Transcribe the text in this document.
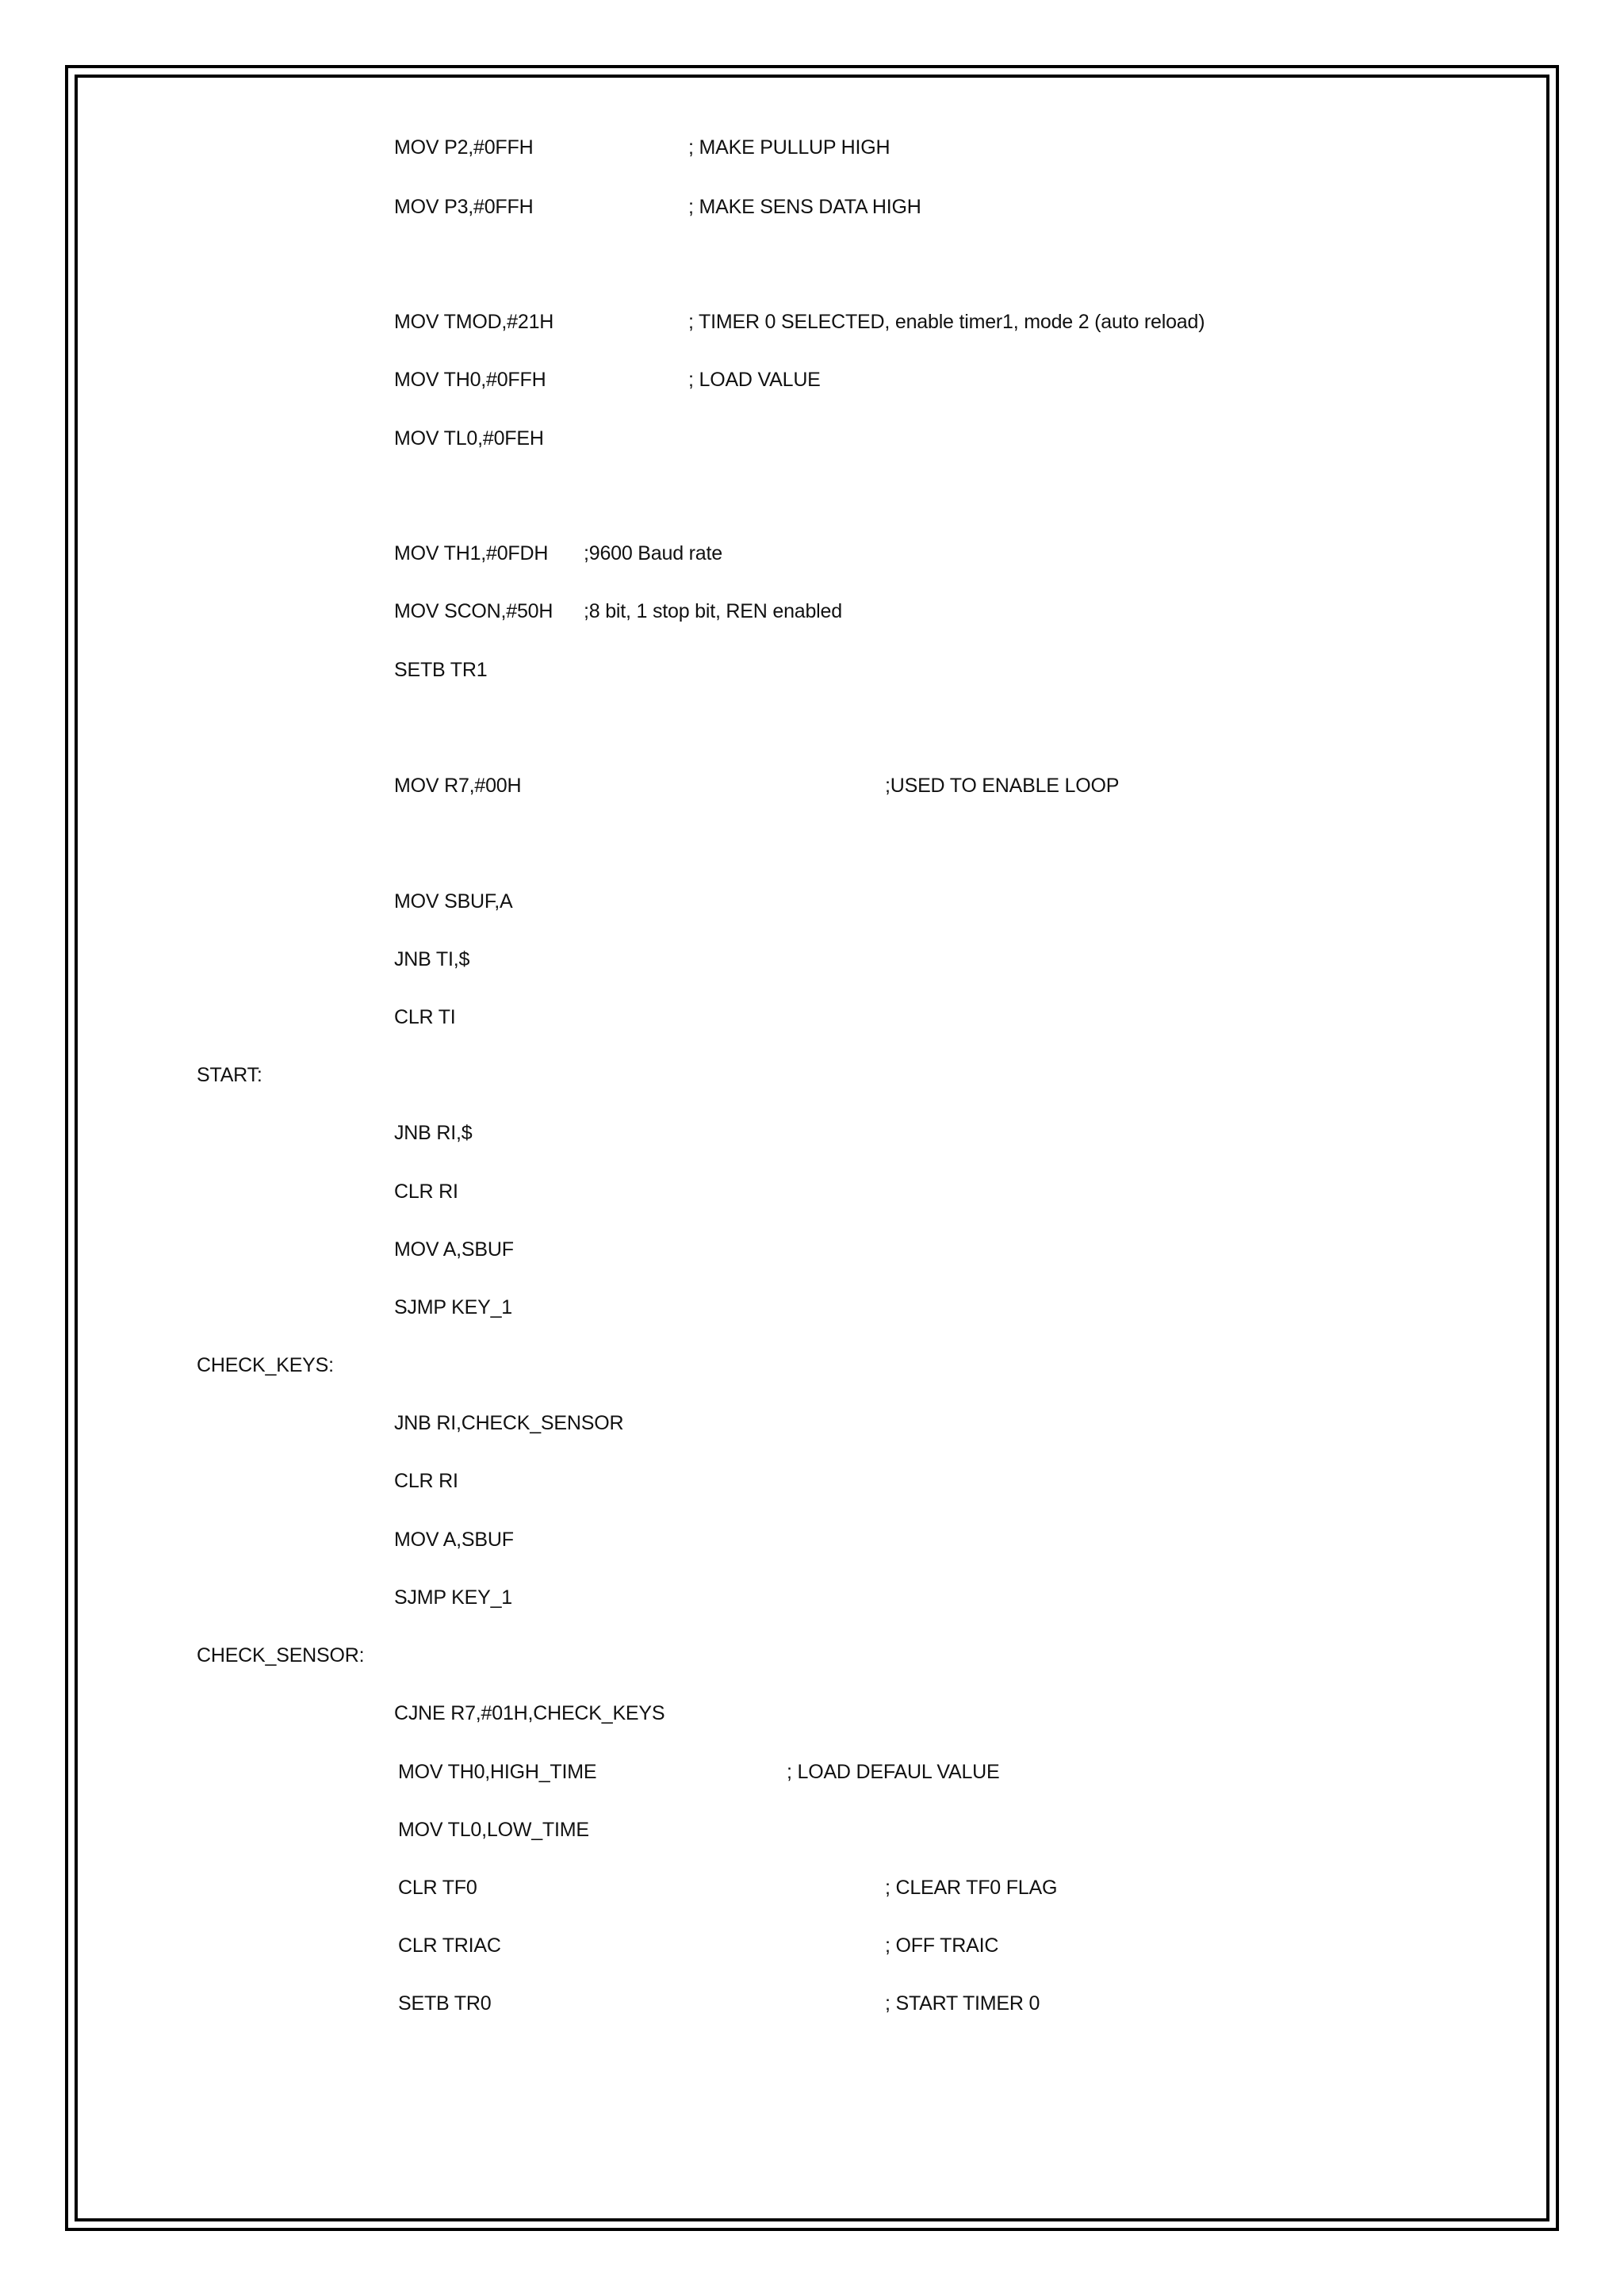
MOV P2,#0FFH	; MAKE PULLUP HIGH
MOV P3,#0FFH	; MAKE SENS DATA HIGH
MOV TMOD,#21H	; TIMER 0 SELECTED, enable timer1, mode 2 (auto reload)
MOV TH0,#0FFH	; LOAD VALUE
MOV TL0,#0FEH
MOV TH1,#0FDH ;9600 Baud rate
MOV SCON,#50H ;8 bit, 1 stop bit, REN enabled
SETB TR1
MOV R7,#00H	;USED TO ENABLE LOOP
MOV SBUF,A
JNB TI,$
CLR TI
START:
JNB RI,$
CLR RI
MOV A,SBUF
SJMP KEY_1
CHECK_KEYS:
JNB RI,CHECK_SENSOR
CLR RI
MOV A,SBUF
SJMP KEY_1
CHECK_SENSOR:
CJNE R7,#01H,CHECK_KEYS
MOV TH0,HIGH_TIME	; LOAD DEFAUL VALUE
MOV TL0,LOW_TIME
CLR TF0	; CLEAR TF0 FLAG
CLR TRIAC	; OFF TRAIC
SETB TR0	; START TIMER 0
